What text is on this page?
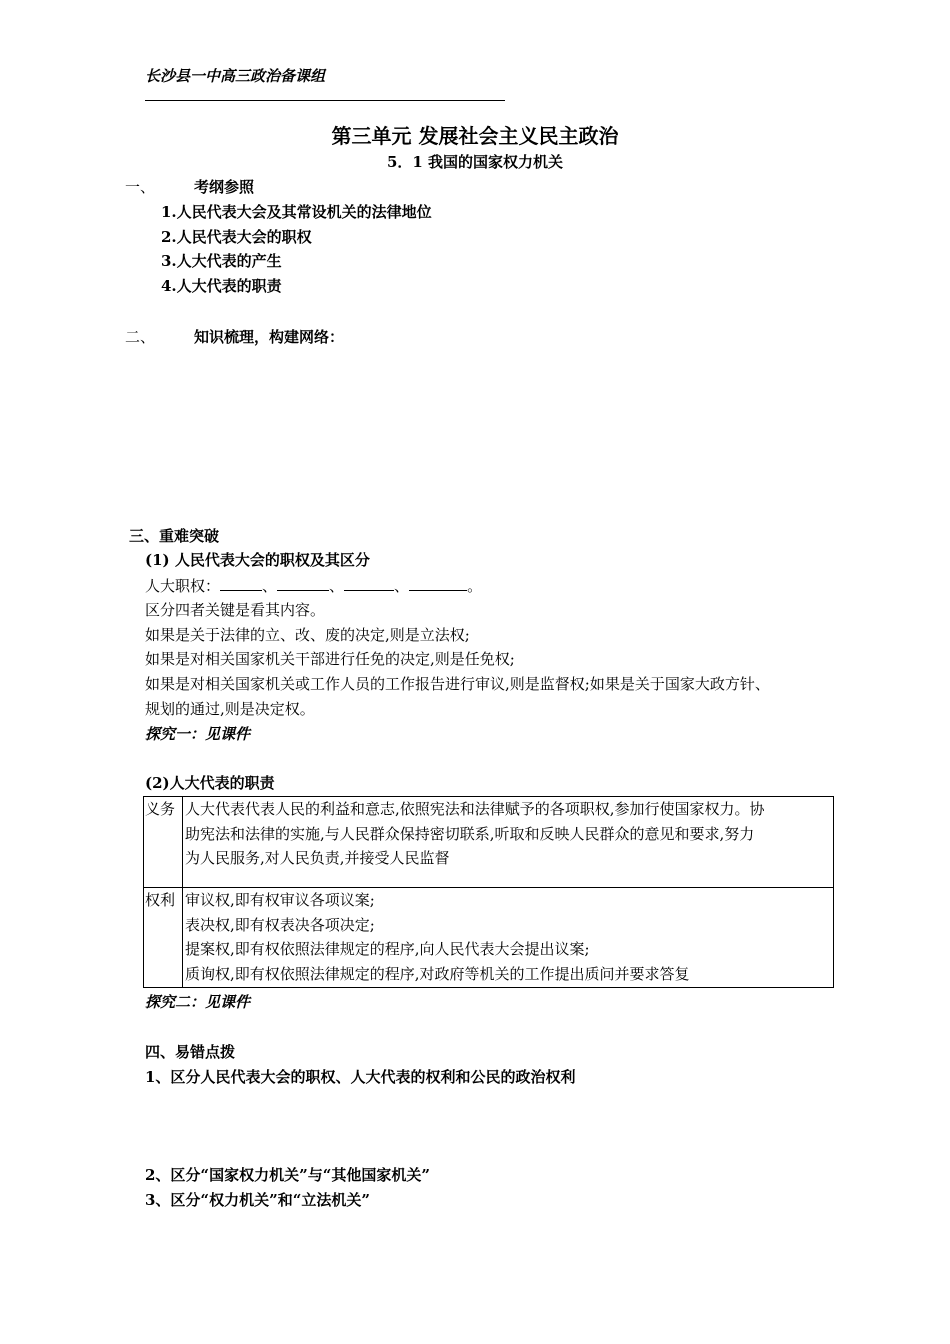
长沙县一中高三政治备课组
第三单元 发展社会主义民主政治
5．1 我国的国家权力机关
一、	考纲参照
1.人民代表大会及其常设机关的法律地位
2.人民代表大会的职权
3.人大代表的产生
4.人大代表的职责
二、	知识梳理，构建网络：
三、重难突破
(1) 人民代表大会的职权及其区分
人大职权：	、	、	、	。
区分四者关键是看其内容。
如果是关于法律的立、改、废的决定,则是立法权;
如果是对相关国家机关干部进行任免的决定,则是任免权;
如果是对相关国家机关或工作人员的工作报告进行审议,则是监督权;如果是关于国家大政方针、
规划的通过,则是决定权。
探究一：见课件
(2)人大代表的职责
义务	人大代表代表人民的利益和意志,依照宪法和法律赋予的各项职权,参加行使国家权力。协
助宪法和法律的实施,与人民群众保持密切联系,听取和反映人民群众的意见和要求,努力
为人民服务,对人民负责,并接受人民监督

权利	审议权,即有权审议各项议案;
表决权,即有权表决各项决定;
提案权,即有权依照法律规定的程序,向人民代表大会提出议案;
质询权,即有权依照法律规定的程序,对政府等机关的工作提出质问并要求答复
探究二：见课件
四、易错点拨
1、区分人民代表大会的职权、人大代表的权利和公民的政治权利
2、区分“国家权力机关”与“其他国家机关”
3、区分“权力机关”和“立法机关”
